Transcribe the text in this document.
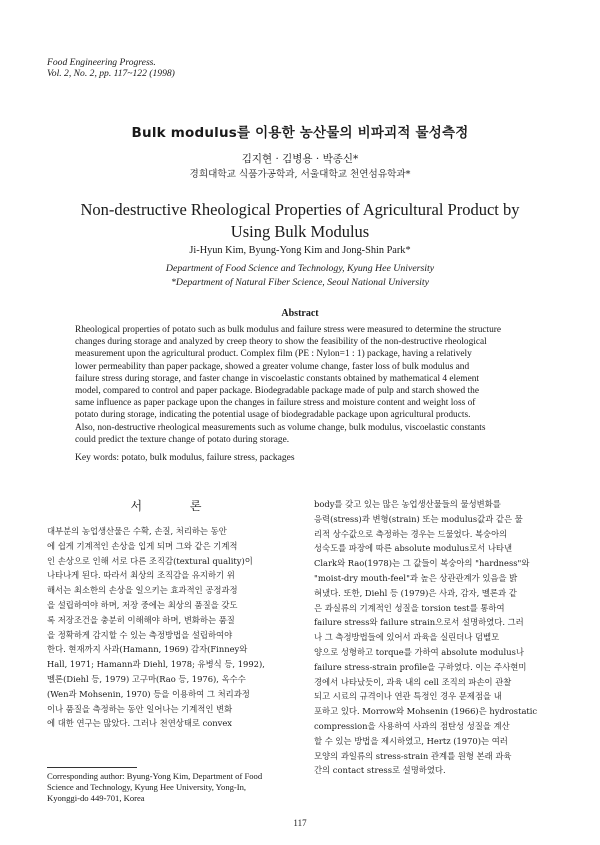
Food Engineering Progress.
Vol. 2, No. 2, pp. 117~122 (1998)
Bulk modulus를 이용한 농산물의 비파괴적 물성측정
김지현 · 김병용 · 박종신*
경희대학교 식품가공학과, 서울대학교 천연섬유학과*
Non-destructive Rheological Properties of Agricultural Product by
Using Bulk Modulus
Ji-Hyun Kim, Byung-Yong Kim and Jong-Shin Park*
Department of Food Science and Technology, Kyung Hee University
*Department of Natural Fiber Science, Seoul National University
Abstract
Rheological properties of potato such as bulk modulus and failure stress were measured to determine the structure
changes during storage and analyzed by creep theory to show the feasibility of the non-destructive rheological
measurement upon the agricultural product. Complex film (PE : Nylon=1 : 1) package, having a relatively
lower permeability than paper package, showed a greater volume change, faster loss of bulk modulus and
failure stress during storage, and faster change in viscoelastic constants obtained by mathematical 4 element
model, compared to control and paper package. Biodegradable package made of pulp and starch showed the
same influence as paper package upon the changes in failure stress and moisture content and weight loss of
potato during storage, indicating the potential usage of biodegradable package upon agricultural products.
Also, non-destructive rheological measurements such as volume change, bulk modulus, viscoelastic constants
could predict the texture change of potato during storage.
Key words: potato, bulk modulus, failure stress, packages
서 론
대부분의 농업생산물은 수확, 손질, 처리하는 동안
에 쉽게 기계적인 손상을 입게 되며 그와 같은 기계적
인 손상으로 인해 서로 다른 조직감(textural quality)이
나타나게 된다. 따라서 최상의 조직감을 유지하기 위
해서는 최소한의 손상을 일으키는 효과적인 공정과정
을 설립하여야 하며, 저장 중에는 최상의 품질을 갖도
록 저장조건을 충분히 이해해야 하며, 변화하는 품질
을 정확하게 감지할 수 있는 측정방법을 설립하여야
한다. 현재까지 사과(Hamann, 1969) 감자(Finney와
Hall, 1971; Hamann과 Diehl, 1978; 유병식 등, 1992),
멜론(Diehl 등, 1979) 고구마(Rao 등, 1976), 옥수수
(Wen과 Mohsenin, 1970) 등을 이용하여 그 처리과정
이나 품질을 측정하는 동안 일어나는 기계적인 변화
에 대한 연구는 많았다. 그러나 천연상태로 convex
body를 갖고 있는 많은 농업생산물들의 물성변화를
응력(stress)과 변형(strain) 또는 modulus값과 같은 물
리적 상수값으로 측정하는 경우는 드물었다. 복숭아의
성숙도를 파장에 따른 absolute modulus로서 나타낸
Clark와 Rao(1978)는 그 값들이 복숭아의 "hardness"와
"moist-dry mouth-feel"과 높은 상관관계가 있음을 밝
혀냈다. 또한, Diehl 등 (1979)은 사과, 감자, 멜론과 같
은 과실류의 기계적인 성질을 torsion test를 통하여
failure stress와 failure strain으로서 설명하였다. 그러
나 그 측정방법들에 있어서 과육을 실린더나 덤벨모
양으로 성형하고 torque를 가하여 absolute modulus나
failure stress-strain profile을 구하였다. 이는 주사현미
경에서 나타났듯이, 과육 내의 cell 조직의 파손이 관찰
되고 시료의 규격이나 연관 특정인 경우 문제점을 내
포하고 있다. Morrow와 Mohsenin (1966)은 hydrostatic
compression을 사용하여 사과의 점탄성 성질을 계산
할 수 있는 방법을 제시하였고, Hertz (1970)는 여러
모양의 과일류의 stress-strain 관계를 원형 본래 과육
간의 contact stress로 설명하였다.
Corresponding author: Byung-Yong Kim, Department of Food
Science and Technology, Kyung Hee University, Yong-In,
Kyonggi-do 449-701, Korea
117
